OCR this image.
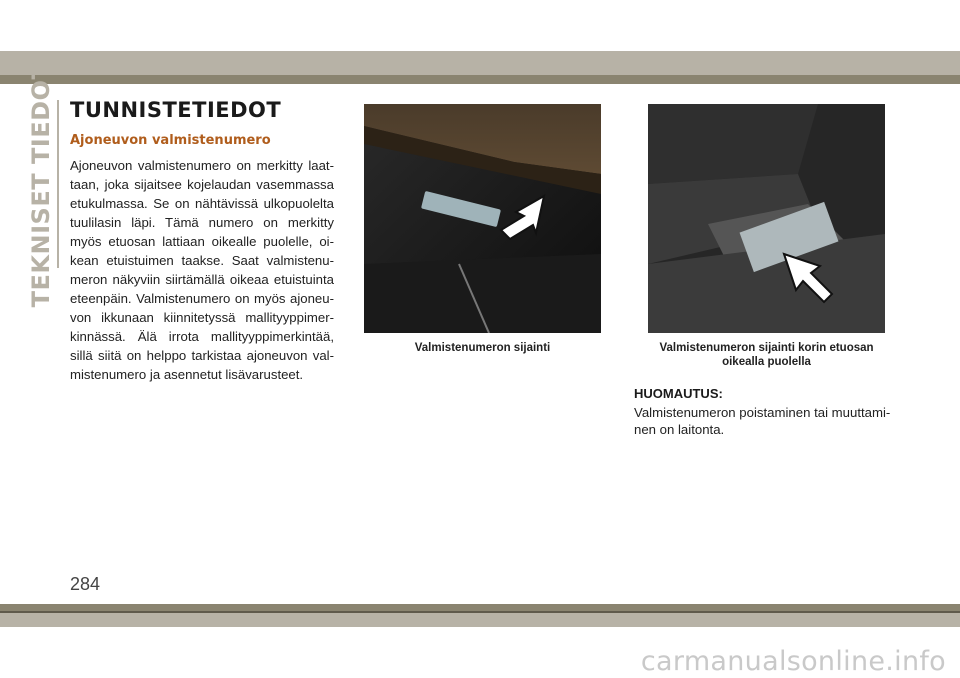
TEKNISET TIEDOT TUNNISTETIEDOT
Ajoneuvon valmistenumero

Ajoneuvon valmistenumero on merkitty laat-taan, joka sijaitsee kojelaudan vasemmassa etukulmassa. Se on nähtävissä ulkopuolelta tuulilasin läpi. Tämä numero on merkitty myös etuosan lattiaan oikealle puolelle, oi-kean etuistuimen taakse. Saat valmistenu-meron näkyviin siirtämällä oikeaa etuistuinta eteenpäin. Valmistenumero on myös ajoneu-von ikkunaan kiinnitetyssä mallityyppimer-kinnässä. Älä irrota mallityyppimerkintää, sillä siitä on helppo tarkistaa ajoneuvon val-mistenumero ja asennetut lisävarusteet.

Valmistenumeron sijainti	Valmistenumeron sijainti korin etuosan oikealla puolella
HUOMAUTUS:
Valmistenumeron poistaminen tai muuttami-nen on laitonta.
284
carmanualsonline.info
